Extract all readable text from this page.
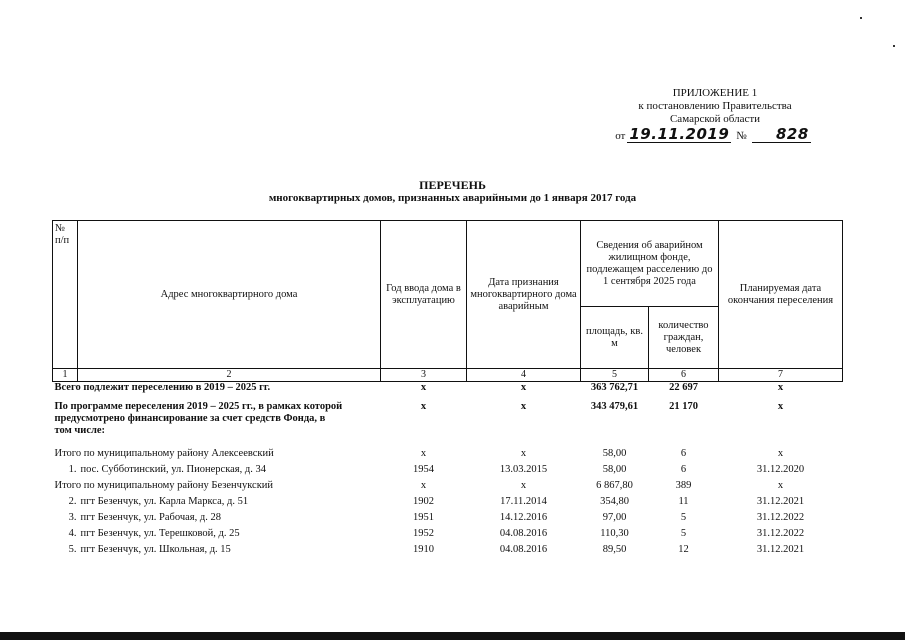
ПРИЛОЖЕНИЕ 1
к постановлению Правительства
Самарской области
от 19.11.2019 №	828
ПЕРЕЧЕНЬ
многоквартирных домов, признанных аварийными до 1 января 2017 года
№ п/п	Адрес многоквартирного дома	Год ввода дома в эксплуатацию	Дата признания многоквартирного дома аварийным	Сведения об аварийном жилищном фонде, подлежащем расселению до 1 сентября 2025 года		Планируемая дата окончания переселения
				площадь, кв. м	количество граждан, человек	
1	2	3	4	5	6	7
Всего подлежит переселению в 2019 – 2025 гг.		x	x	363 762,71	22 697	x

По программе переселения 2019 – 2025 гг., в рамках которой предусмотрено финансирование за счет средств Фонда, в том числе:		x	x	343 479,61	21 170	x
Итого по муниципальному району Алексеевский		x	x	58,00	6	x
1. пос. Субботинский, ул. Пионерская, д. 34		1954	13.03.2015	58,00	6	31.12.2020
Итого по муниципальному району Безенчукский		x	x	6 867,80	389	x
2. пгт Безенчук, ул. Карла Маркса, д. 51		1902	17.11.2014	354,80	11	31.12.2021
3. пгт Безенчук, ул. Рабочая, д. 28		1951	14.12.2016	97,00	5	31.12.2022
4. пгт Безенчук, ул. Терешковой, д. 25		1952	04.08.2016	110,30	5	31.12.2022
5. пгт Безенчук, ул. Школьная, д. 15		1910	04.08.2016	89,50	12	31.12.2021
